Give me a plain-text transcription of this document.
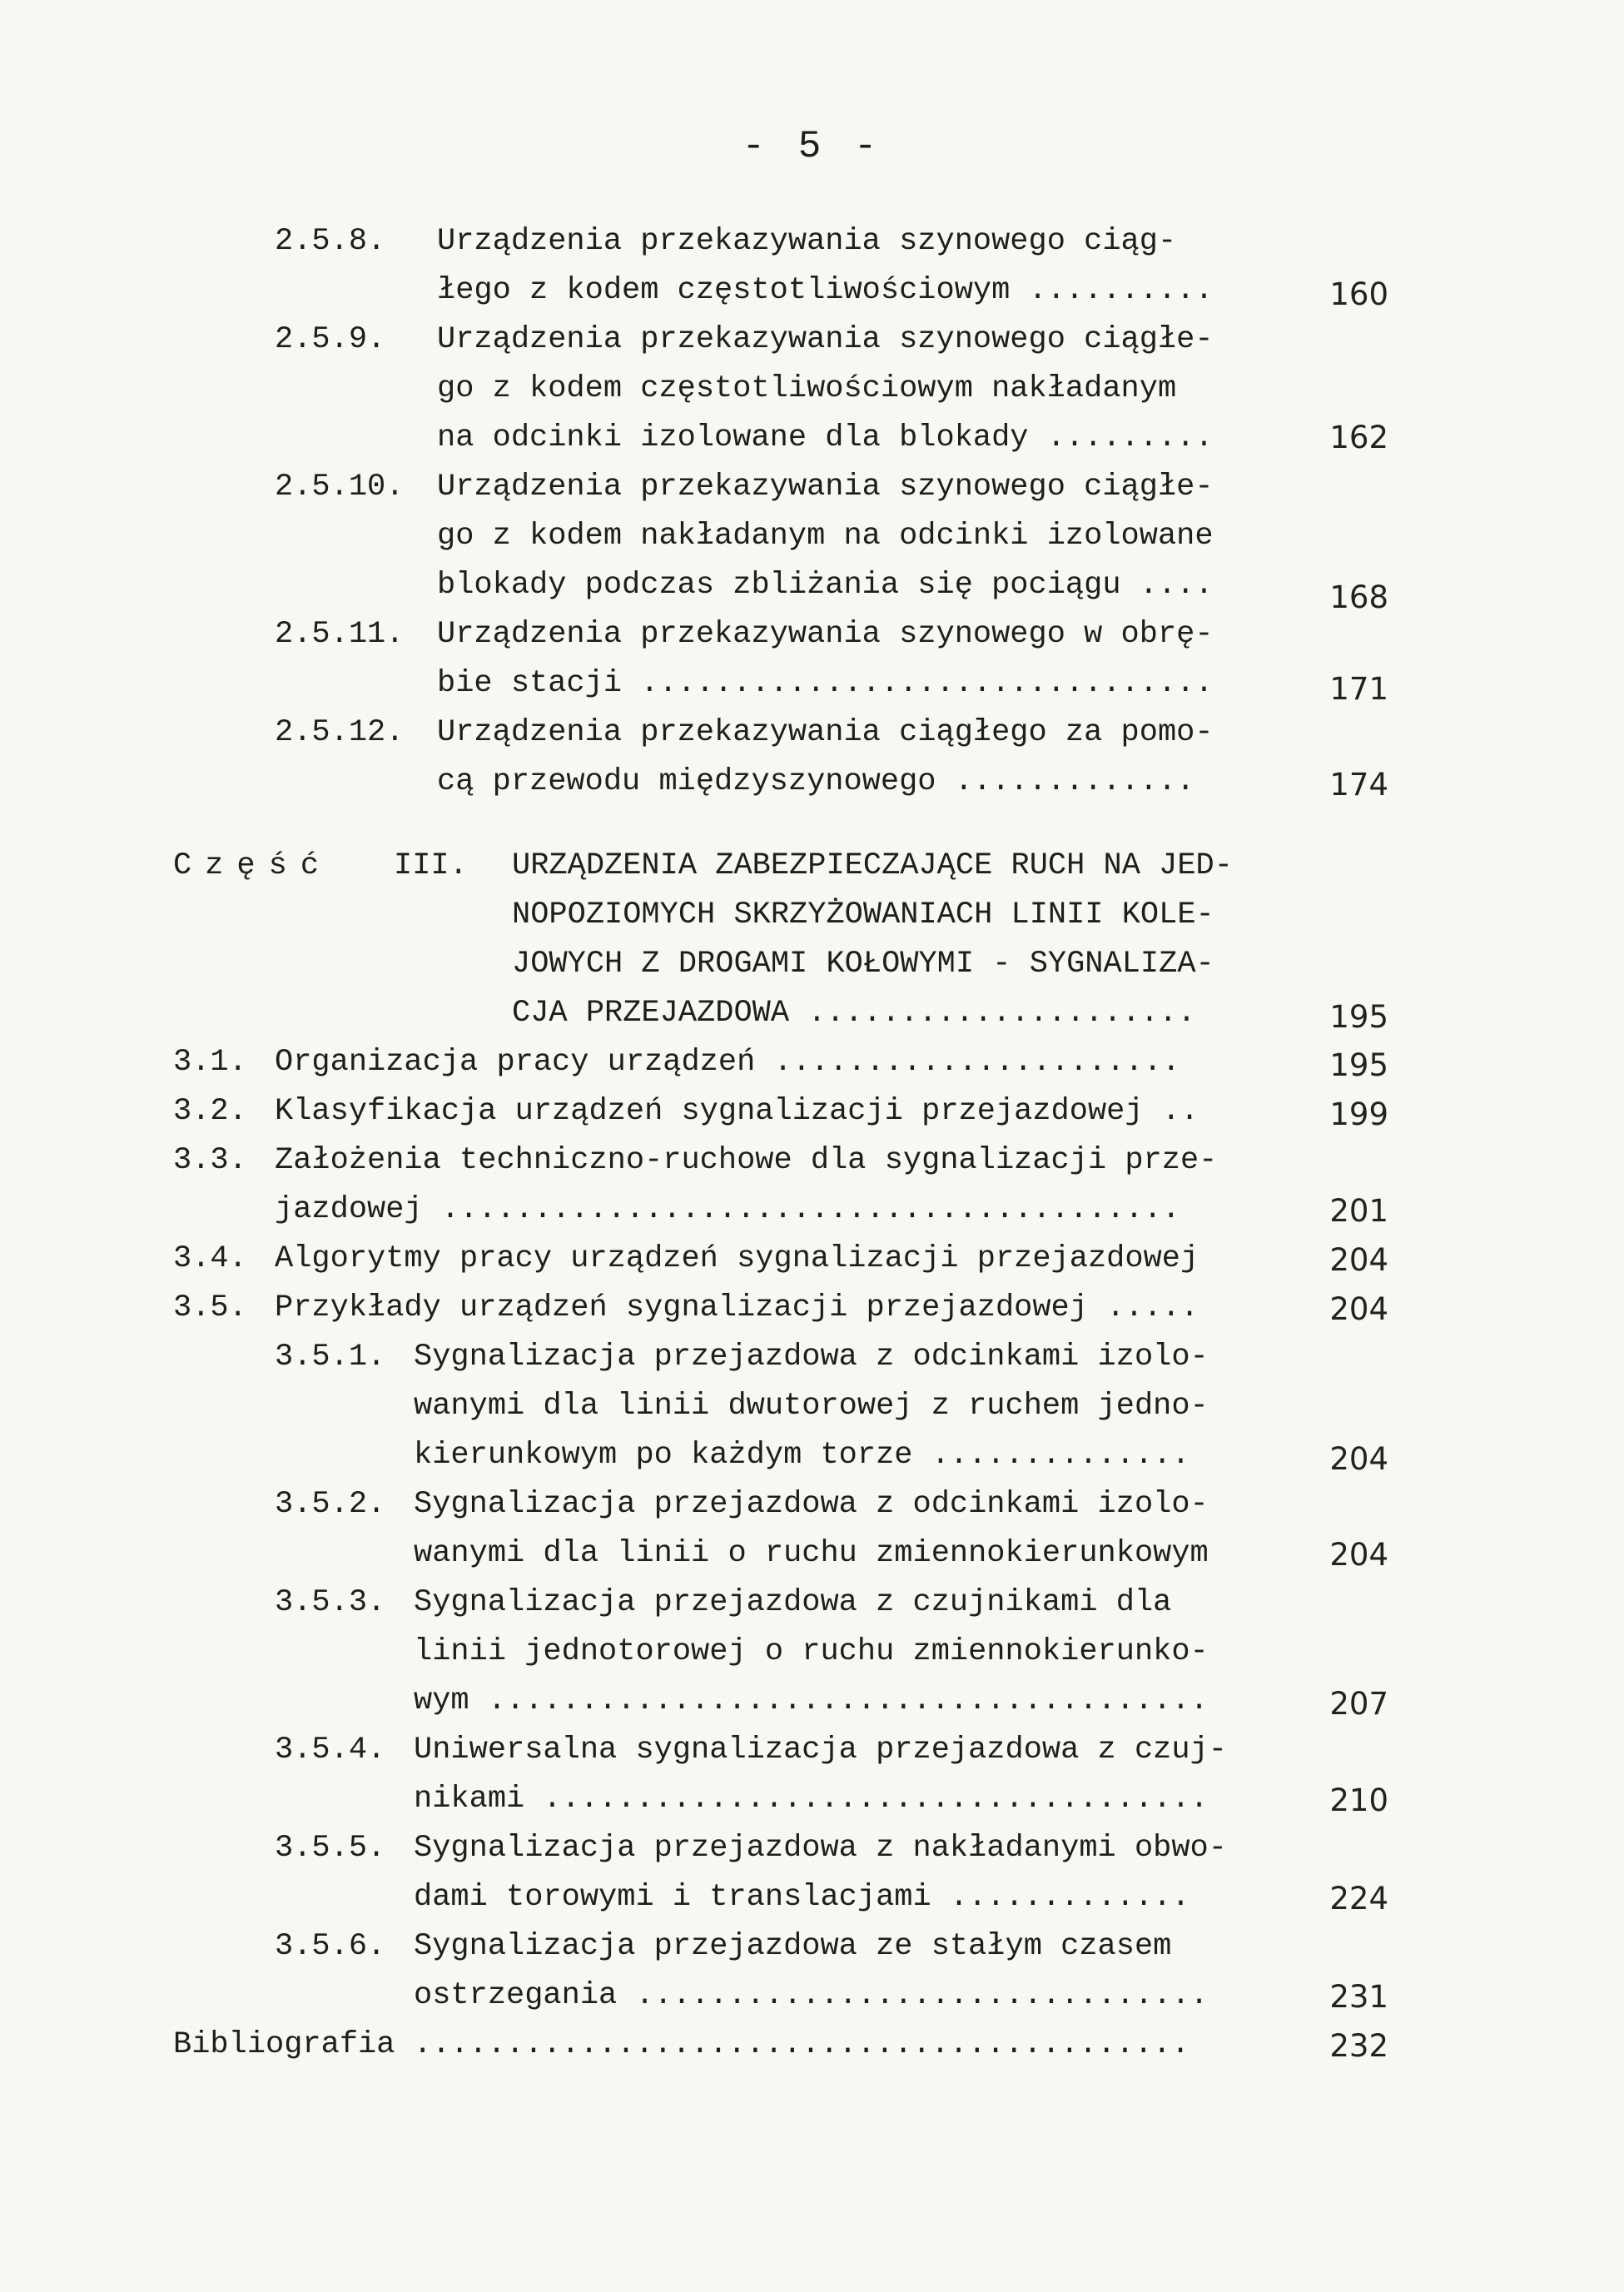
- 5 -
2.5.8. Urządzenia przekazywania szynowego ciąg-
łego z kodem częstotliwościowym ..........	160
2.5.9. Urządzenia przekazywania szynowego ciągłe-
go z kodem częstotliwościowym nakładanym
na odcinki izolowane dla blokady .........	162
2.5.10. Urządzenia przekazywania szynowego ciągłe-
go z kodem nakładanym na odcinki izolowane
blokady podczas zbliżania się pociągu ....	168
2.5.11. Urządzenia przekazywania szynowego w obrę-
bie stacji ...............................	171
2.5.12. Urządzenia przekazywania ciągłego za pomo-
cą przewodu międzyszynowego .............	174
Część III. URZĄDZENIA ZABEZPIECZAJĄCE RUCH NA JED-
NOPOZIOMYCH SKRZYŻOWANIACH LINII KOLE-
JOWYCH Z DROGAMI KOŁOWYMI - SYGNALIZA-
CJA PRZEJAZDOWA .....................	195
3.1. Organizacja pracy urządzeń ......................	195
3.2. Klasyfikacja urządzeń sygnalizacji przejazdowej ..	199
3.3. Założenia techniczno-ruchowe dla sygnalizacji prze-
jazdowej ........................................	201
3.4. Algorytmy pracy urządzeń sygnalizacji przejazdowej	204
3.5. Przykłady urządzeń sygnalizacji przejazdowej .....	204
3.5.1. Sygnalizacja przejazdowa z odcinkami izolo-
wanymi dla linii dwutorowej z ruchem jedno-
kierunkowym po każdym torze ..............	204
3.5.2. Sygnalizacja przejazdowa z odcinkami izolo-
wanymi dla linii o ruchu zmiennokierunkowym	204
3.5.3. Sygnalizacja przejazdowa z czujnikami dla
linii jednotorowej o ruchu zmiennokierunko-
wym .......................................	207
3.5.4. Uniwersalna sygnalizacja przejazdowa z czuj-
nikami ....................................	210
3.5.5. Sygnalizacja przejazdowa z nakładanymi obwo-
dami torowymi i translacjami .............	224
3.5.6. Sygnalizacja przejazdowa ze stałym czasem
ostrzegania ...............................	231
Bibliografia ..........................................	232
